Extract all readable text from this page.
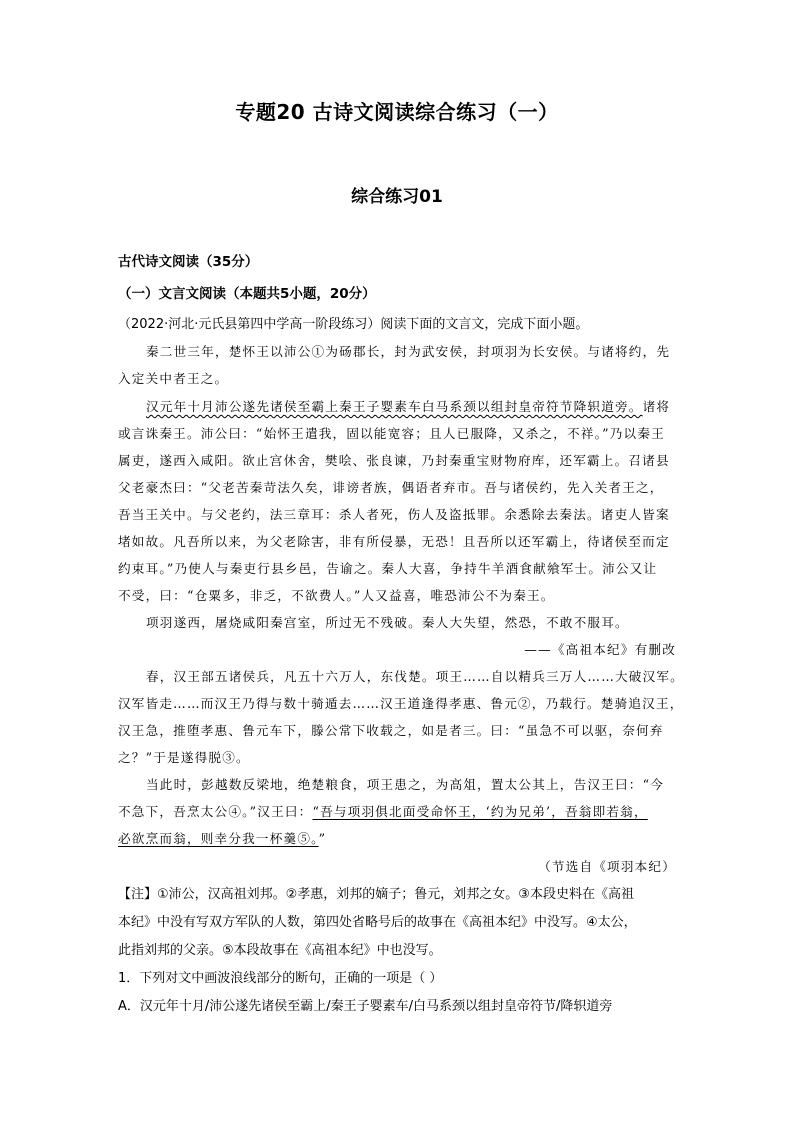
专题20 古诗文阅读综合练习（一）
综合练习01
古代诗文阅读（35分）
（一）文言文阅读（本题共5小题，20分）
（2022·河北·元氏县第四中学高一阶段练习）阅读下面的文言文，完成下面小题。
秦二世三年，楚怀王以沛公①为砀郡长，封为武安侯，封项羽为长安侯。与诸将约，先
入定关中者王之。
汉元年十月沛公遂先诸侯至霸上秦王子婴素车白马系颈以组封皇帝符节降轵道旁。诸将
或言诛秦王。沛公曰：“始怀王遣我，固以能宽容；且人已服降，又杀之，不祥。”乃以秦王
属吏，遂西入咸阳。欲止宫休舍，樊哙、张良谏，乃封秦重宝财物府库，还军霸上。召诸县
父老豪杰曰：“父老苦秦苛法久矣，诽谤者族，偶语者弃市。吾与诸侯约，先入关者王之，
吾当王关中。与父老约，法三章耳：杀人者死，伤人及盗抵罪。余悉除去秦法。诸吏人皆案
堵如故。凡吾所以来，为父老除害，非有所侵暴，无恐！且吾所以还军霸上，待诸侯至而定
约束耳。”乃使人与秦吏行县乡邑，告谕之。秦人大喜，争持牛羊酒食献飨军士。沛公又让
不受，曰：“仓粟多，非乏，不欲费人。”人又益喜，唯恐沛公不为秦王。
项羽遂西，屠烧咸阳秦宫室，所过无不残破。秦人大失望，然恐，不敢不服耳。
——《高祖本纪》有删改
春，汉王部五诸侯兵，凡五十六万人，东伐楚。项王……自以精兵三万人……大破汉军。
汉军皆走……而汉王乃得与数十骑遁去……汉王道逢得孝惠、鲁元②，乃载行。楚骑追汉王，
汉王急，推堕孝惠、鲁元车下，滕公常下收载之，如是者三。曰：“虽急不可以驱，奈何弃
之？”于是遂得脱③。
当此时，彭越数反梁地，绝楚粮食，项王患之，为高俎，置太公其上，告汉王曰：“今
不急下，吾烹太公④。”汉王曰：“吾与项羽俱北面受命怀王，‘约为兄弟’，吾翁即若翁，
必欲烹而翁，则幸分我一杯羹⑤。”
（节选自《项羽本纪）
【注】①沛公，汉高祖刘邦。②孝惠，刘邦的嫡子；鲁元，刘邦之女。③本段史料在《高祖
本纪》中没有写双方军队的人数，第四处省略号后的故事在《高祖本纪》中没写。④太公，
此指刘邦的父亲。⑤本段故事在《高祖本纪》中也没写。
1．下列对文中画波浪线部分的断句，正确的一项是（ ）
A．汉元年十月/沛公遂先诸侯至霸上/秦王子婴素车/白马系颈以组封皇帝符节/降轵道旁
